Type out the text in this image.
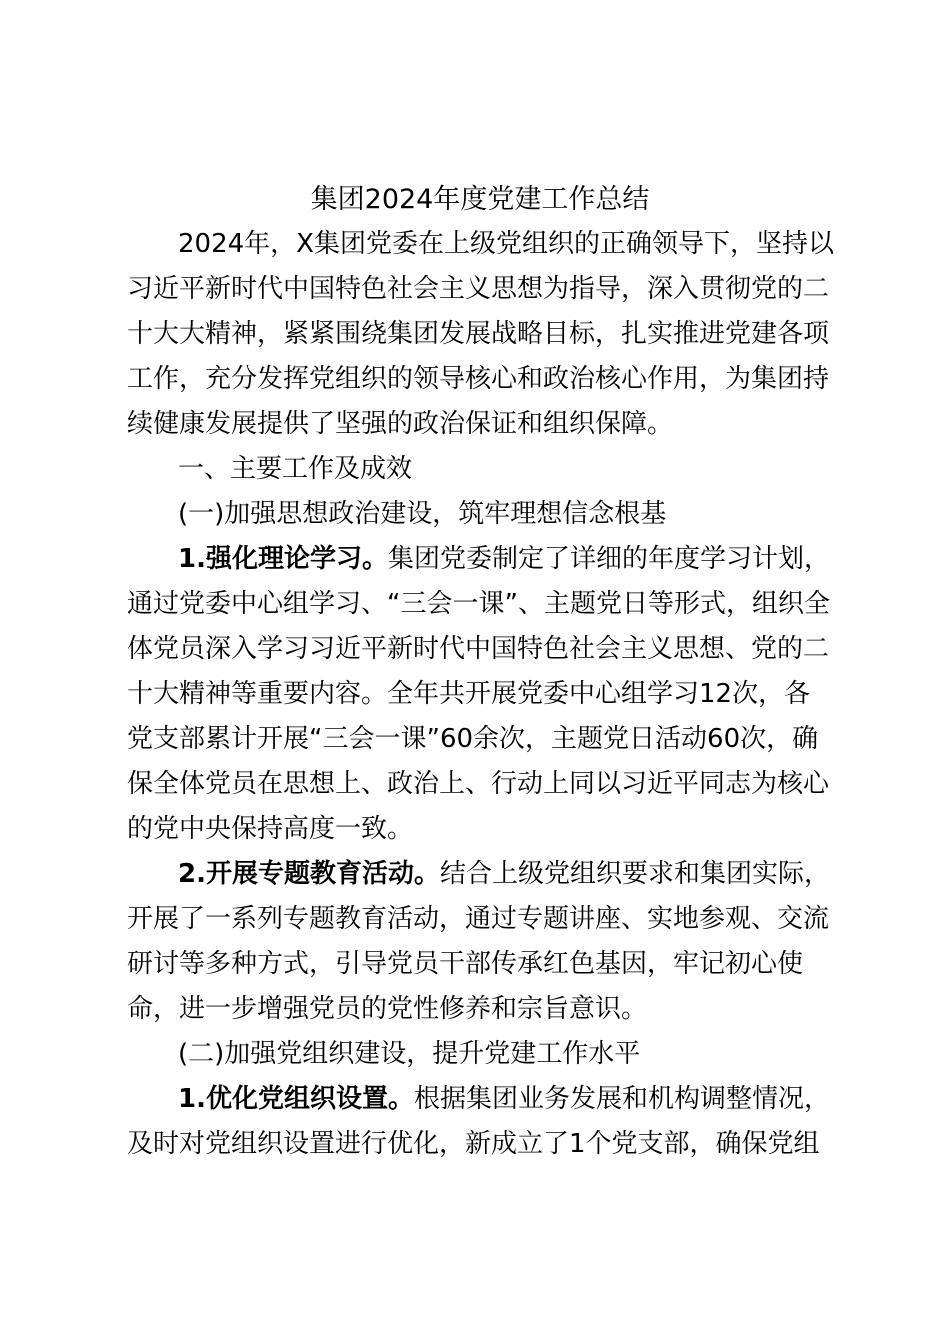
集团2024年度党建工作总结
2024年，X集团党委在上级党组织的正确领导下，坚持以
习近平新时代中国特色社会主义思想为指导，深入贯彻党的二
十大大精神，紧紧围绕集团发展战略目标，扎实推进党建各项
工作，充分发挥党组织的领导核心和政治核心作用，为集团持
续健康发展提供了坚强的政治保证和组织保障。
一、主要工作及成效
(一)加强思想政治建设，筑牢理想信念根基
1.强化理论学习。集团党委制定了详细的年度学习计划，
通过党委中心组学习、“三会一课”、主题党日等形式，组织全
体党员深入学习习近平新时代中国特色社会主义思想、党的二
十大精神等重要内容。全年共开展党委中心组学习12次，各
党支部累计开展“三会一课”60余次，主题党日活动60次，确
保全体党员在思想上、政治上、行动上同以习近平同志为核心
的党中央保持高度一致。
2.开展专题教育活动。结合上级党组织要求和集团实际，
开展了一系列专题教育活动，通过专题讲座、实地参观、交流
研讨等多种方式，引导党员干部传承红色基因，牢记初心使
命，进一步增强党员的党性修养和宗旨意识。
(二)加强党组织建设，提升党建工作水平
1.优化党组织设置。根据集团业务发展和机构调整情况，
及时对党组织设置进行优化，新成立了1个党支部，确保党组
